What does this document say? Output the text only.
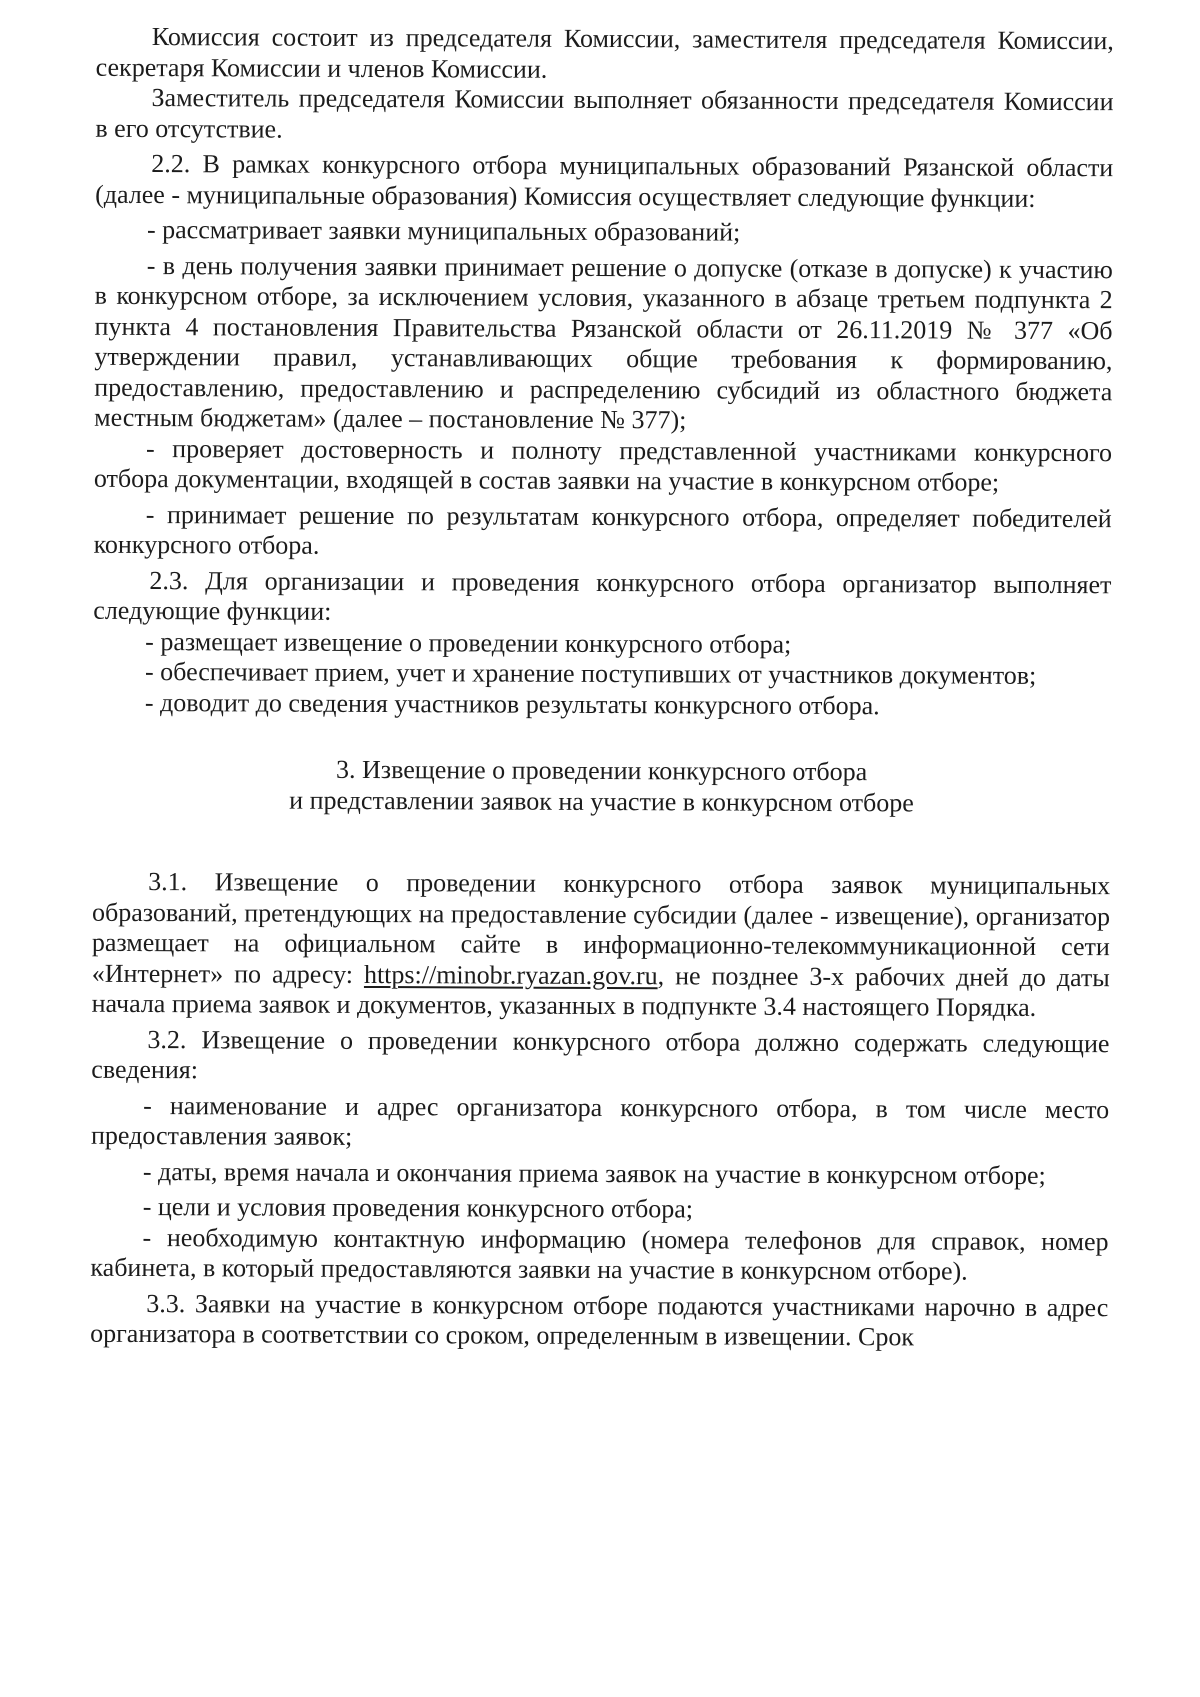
Комиссия состоит из председателя Комиссии, заместителя председателя Комиссии, секретаря Комиссии и членов Комиссии.

Заместитель председателя Комиссии выполняет обязанности председателя Комиссии в его отсутствие.

2.2. В рамках конкурсного отбора муниципальных образований Рязанской области (далее - муниципальные образования) Комиссия осуществляет следующие функции:

- рассматривает заявки муниципальных образований;

- в день получения заявки принимает решение о допуске (отказе в допуске) к участию в конкурсном отборе, за исключением условия, указанного в абзаце третьем подпункта 2 пункта 4 постановления Правительства Рязанской области от 26.11.2019 № 377 «Об утверждении правил, устанавливающих общие требования к формированию, предоставлению, предоставлению и распределению субсидий из областного бюджета местным бюджетам» (далее – постановление № 377);

- проверяет достоверность и полноту представленной участниками конкурсного отбора документации, входящей в состав заявки на участие в конкурсном отборе;

- принимает решение по результатам конкурсного отбора, определяет победителей конкурсного отбора.

2.3. Для организации и проведения конкурсного отбора организатор выполняет следующие функции:

- размещает извещение о проведении конкурсного отбора;

- обеспечивает прием, учет и хранение поступивших от участников документов;

- доводит до сведения участников результаты конкурсного отбора.

3. Извещение о проведении конкурсного отбора
и представлении заявок на участие в конкурсном отборе

3.1. Извещение о проведении конкурсного отбора заявок муниципальных образований, претендующих на предоставление субсидии (далее - извещение), организатор размещает на официальном сайте в информационно-телекоммуникационной сети «Интернет» по адресу: https://minobr.ryazan.gov.ru, не позднее 3-х рабочих дней до даты начала приема заявок и документов, указанных в подпункте 3.4 настоящего Порядка.

3.2. Извещение о проведении конкурсного отбора должно содержать следующие сведения:

- наименование и адрес организатора конкурсного отбора, в том числе место предоставления заявок;

- даты, время начала и окончания приема заявок на участие в конкурсном отборе;

- цели и условия проведения конкурсного отбора;

- необходимую контактную информацию (номера телефонов для справок, номер кабинета, в который предоставляются заявки на участие в конкурсном отборе).

3.3. Заявки на участие в конкурсном отборе подаются участниками нарочно в адрес организатора в соответствии со сроком, определенным в извещении. Срок
